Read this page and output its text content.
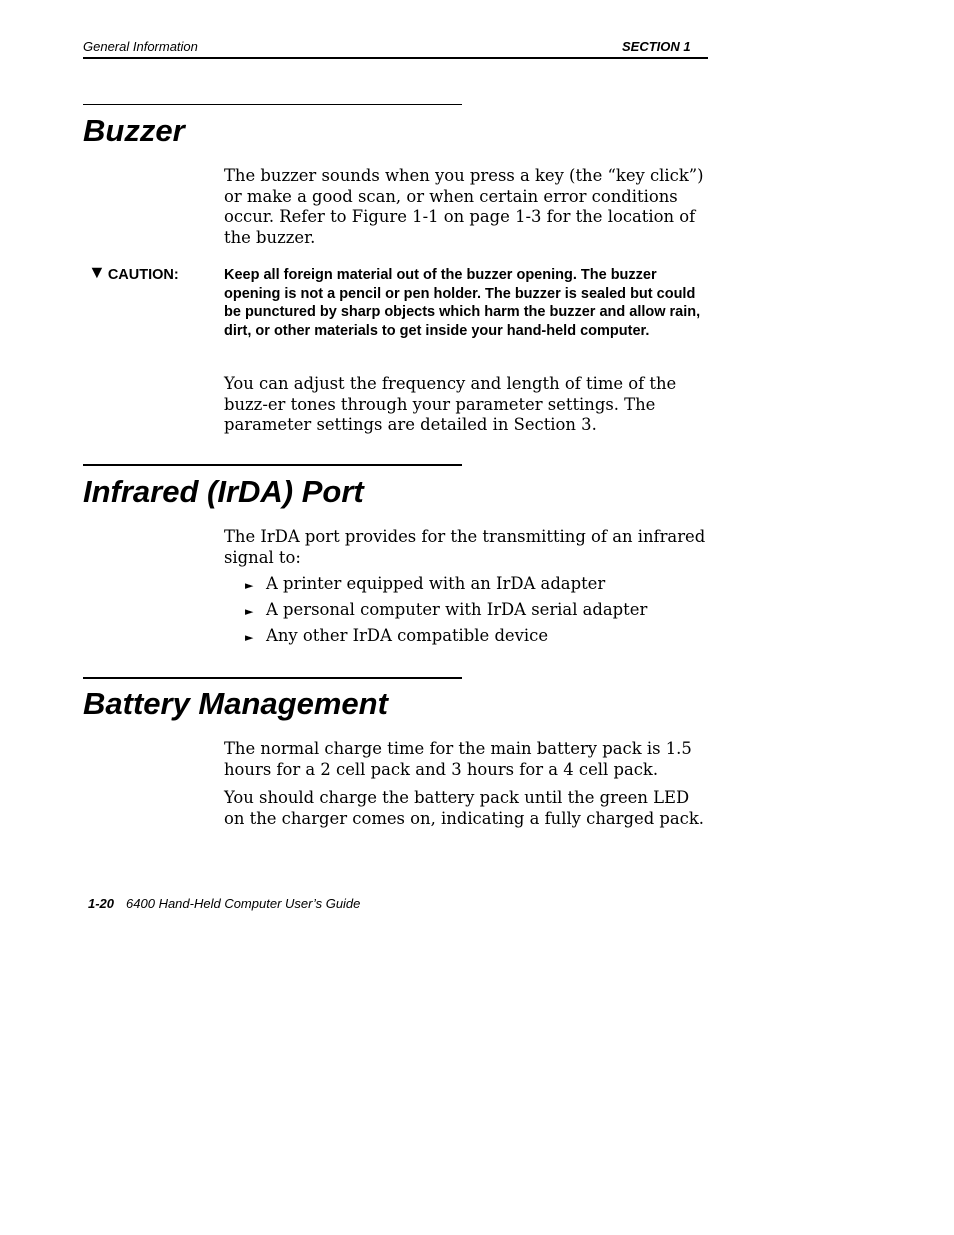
General Information	SECTION 1
Buzzer

The buzzer sounds when you press a key (the “key click”) or make a good scan, or when certain error conditions occur. Refer to Figure 1-1 on page 1-3 for the location of the buzzer.

▼ CAUTION:	Keep all foreign material out of the buzzer opening. The buzzer opening is not a pencil or pen holder. The buzzer is sealed but could be punctured by sharp objects which harm the buzzer and allow rain, dirt, or other materials to get inside your hand-held computer.

You can adjust the frequency and length of time of the buzz-er tones through your parameter settings. The parameter settings are detailed in Section 3.

Infrared (IrDA) Port

The IrDA port provides for the transmitting of an infrared signal to:

► A printer equipped with an IrDA adapter
► A personal computer with IrDA serial adapter
► Any other IrDA compatible device
Battery Management

The normal charge time for the main battery pack is 1.5 hours for a 2 cell pack and 3 hours for a 4 cell pack.

You should charge the battery pack until the green LED on the charger comes on, indicating a fully charged pack.

1-20 6400 Hand-Held Computer User’s Guide
